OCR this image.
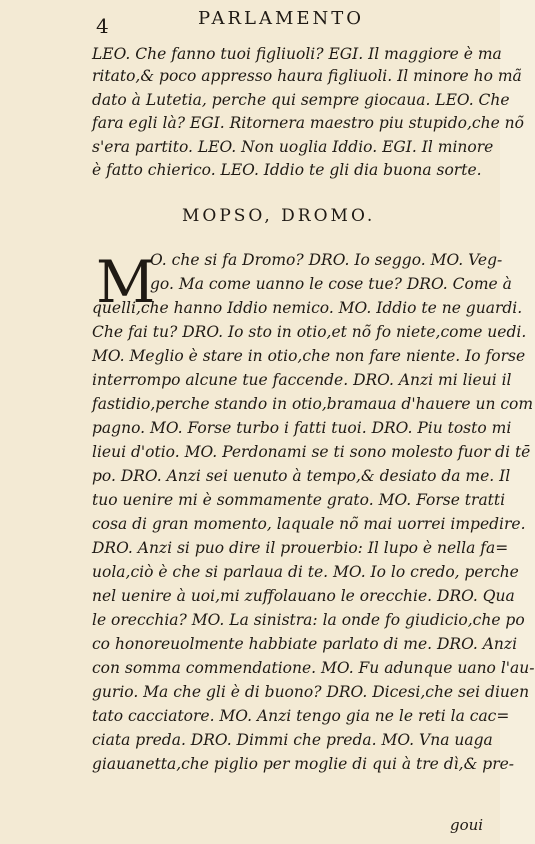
4	PARLAMENTO
LEO. Che fanno tuoi figliuoli? EGI. Il maggiore è ma
ritato,& poco appresso haura figliuoli. Il minore ho mã
dato à Lutetia, perche qui sempre giocaua. LEO. Che
fara egli là? EGI. Ritornera maestro piu stupido,che nõ
s'era partito. LEO. Non uoglia Iddio. EGI. Il minore
è fatto chierico. LEO. Iddio te gli dia buona sorte.
MOPSO, DROMO.
M
O. che si fa Dromo? DRO. Io seggo. MO. Veg-
go. Ma come uanno le cose tue? DRO. Come à
quelli,che hanno Iddio nemico. MO. Iddio te ne guardi.
Che fai tu? DRO. Io sto in otio,et nõ fo niete,come uedi.
MO. Meglio è stare in otio,che non fare niente. Io forse
interrompo alcune tue faccende. DRO. Anzi mi lieui il
fastidio,perche stando in otio,bramaua d'hauere un com
pagno. MO. Forse turbo i fatti tuoi. DRO. Piu tosto mi
lieui d'otio. MO. Perdonami se ti sono molesto fuor di tē
po. DRO. Anzi sei uenuto à tempo,& desiato da me. Il
tuo uenire mi è sommamente grato. MO. Forse tratti
cosa di gran momento, laquale nõ mai uorrei impedire.
DRO. Anzi si puo dire il prouerbio: Il lupo è nella fa=
uola,ciò è che si parlaua di te. MO. Io lo credo, perche
nel uenire à uoi,mi zuffolauano le orecchie. DRO. Qua
le orecchia? MO. La sinistra: la onde fo giudicio,che po
co honoreuolmente habbiate parlato di me. DRO. Anzi
con somma commendatione. MO. Fu adunque uano l'au-
gurio. Ma che gli è di buono? DRO. Dicesi,che sei diuen
tato cacciatore. MO. Anzi tengo gia ne le reti la cac=
ciata preda. DRO. Dimmi che preda. MO. Vna uaga
giauanetta,che piglio per moglie di qui à tre dì,& pre-
goui
